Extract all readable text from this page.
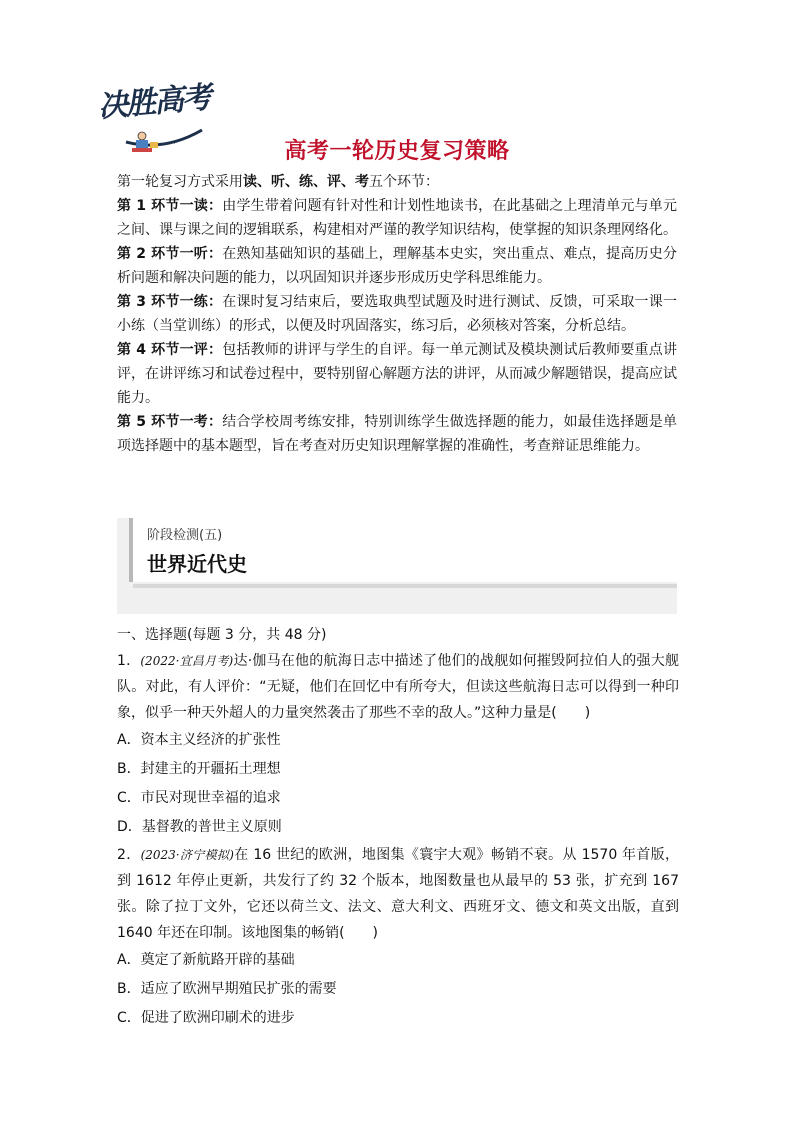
决胜高考
· · · ·	高考一轮历史复习策略

第一轮复习方式采用读、听、练、评、考五个环节：

第 1 环节一读：由学生带着问题有针对性和计划性地读书，在此基础之上理清单元与单元之间、课与课之间的逻辑联系，构建相对严谨的教学知识结构，使掌握的知识条理网络化。

第 2 环节一听：在熟知基础知识的基础上，理解基本史实，突出重点、难点，提高历史分析问题和解决问题的能力，以巩固知识并逐步形成历史学科思维能力。

第 3 环节一练：在课时复习结束后，要选取典型试题及时进行测试、反馈，可采取一课一小练（当堂训练）的形式，以便及时巩固落实，练习后，必须核对答案，分析总结。

第 4 环节一评：包括教师的讲评与学生的自评。每一单元测试及模块测试后教师要重点讲评，在讲评练习和试卷过程中，要特别留心解题方法的讲评，从而减少解题错误，提高应试能力。

第 5 环节一考：结合学校周考练安排，特别训练学生做选择题的能力，如最佳选择题是单项选择题中的基本题型，旨在考查对历史知识理解掌握的准确性，考查辩证思维能力。

阶段检测(五)
世界近代史

一、选择题(每题 3 分，共 48 分)

1．(2022·宜昌月考)达·伽马在他的航海日志中描述了他们的战舰如何摧毁阿拉伯人的强大舰队。对此，有人评价：“无疑，他们在回忆中有所夸大，但读这些航海日志可以得到一种印象，似乎一种天外超人的力量突然袭击了那些不幸的敌人。”这种力量是(　　)

A．资本主义经济的扩张性

B．封建主的开疆拓土理想

C．市民对现世幸福的追求

D．基督教的普世主义原则

2．(2023·济宁模拟)在 16 世纪的欧洲，地图集《寰宇大观》畅销不衰。从 1570 年首版，到 1612 年停止更新，共发行了约 32 个版本，地图数量也从最早的 53 张，扩充到 167 张。除了拉丁文外，它还以荷兰文、法文、意大利文、西班牙文、德文和英文出版，直到 1640 年还在印制。该地图集的畅销(　　)

A．奠定了新航路开辟的基础

B．适应了欧洲早期殖民扩张的需要

C．促进了欧洲印刷术的进步
